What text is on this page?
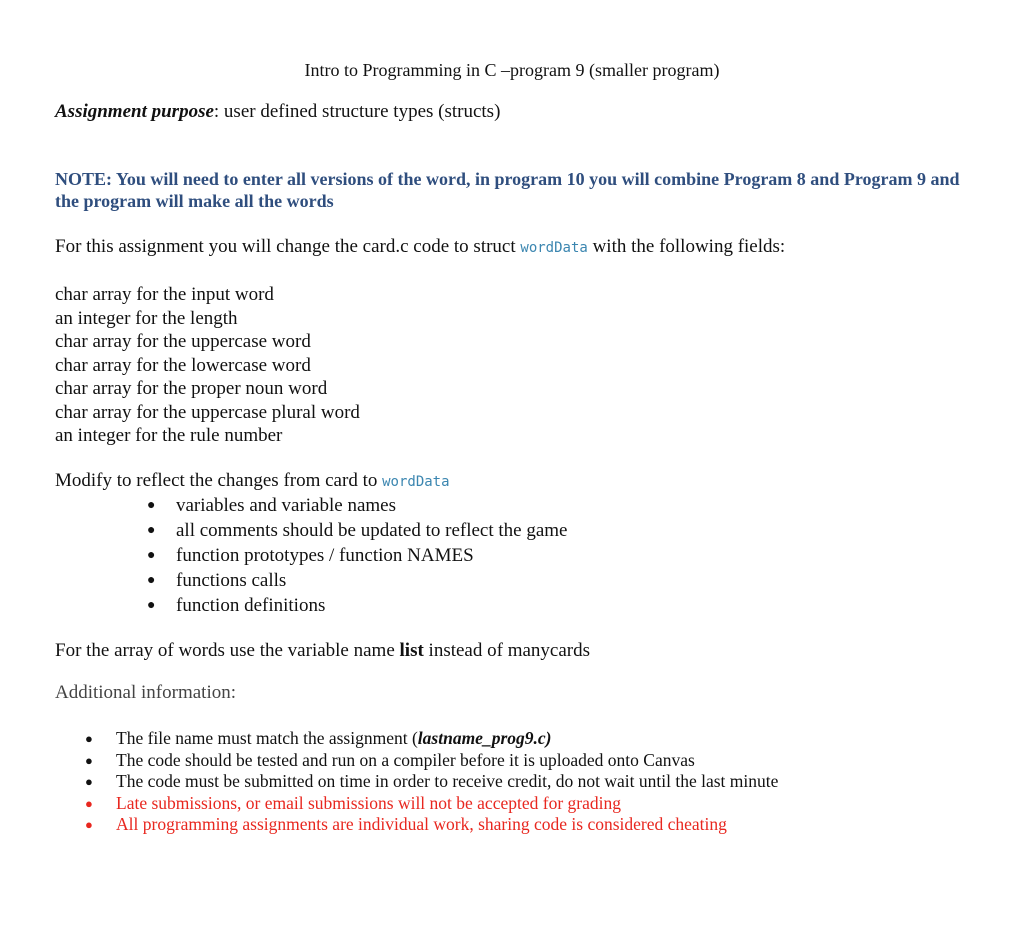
Intro to Programming in C –program 9 (smaller program)

Assignment purpose: user defined structure types (structs)

NOTE: You will need to enter all versions of the word, in program 10 you will combine Program 8 and Program 9 and the program will make all the words

For this assignment you will change the card.c code to struct wordData with the following fields:

char array for the input word
an integer for the length
char array for the uppercase word
char array for the lowercase word
char array for the proper noun word
char array for the uppercase plural word
an integer for the rule number

Modify to reflect the changes from card to wordData

● variables and variable names
● all comments should be updated to reflect the game
● function prototypes / function NAMES
● functions calls
● function definitions

For the array of words use the variable name list instead of manycards

Additional information:

● The file name must match the assignment (lastname_prog9.c)
● The code should be tested and run on a compiler before it is uploaded onto Canvas
● The code must be submitted on time in order to receive credit, do not wait until the last minute
● Late submissions, or email submissions will not be accepted for grading
● All programming assignments are individual work, sharing code is considered cheating
